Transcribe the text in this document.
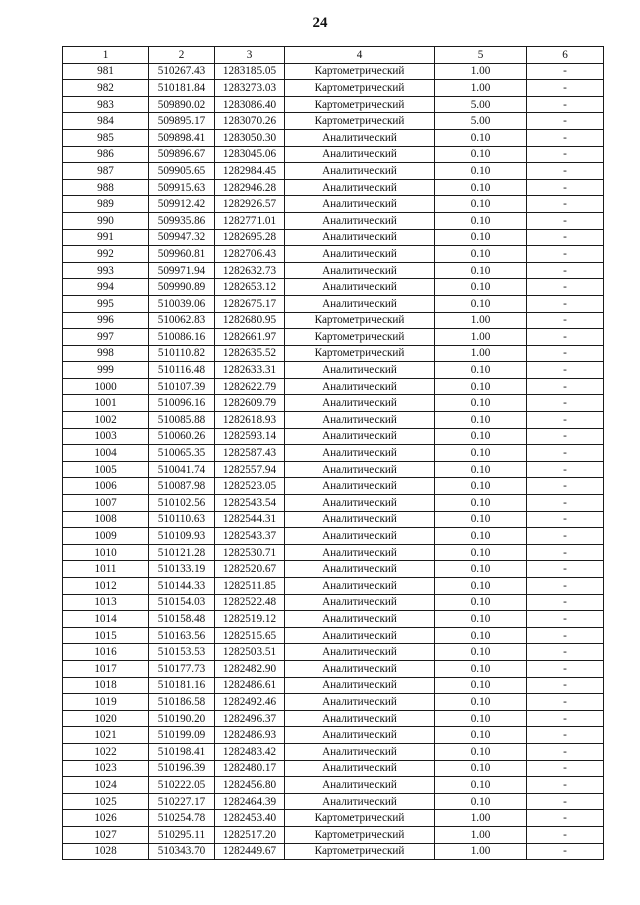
24
1	2	3	4	5	6
981	510267.43	1283185.05	Картометрический	1.00	-
982	510181.84	1283273.03	Картометрический	1.00	-
983	509890.02	1283086.40	Картометрический	5.00	-
984	509895.17	1283070.26	Картометрический	5.00	-
985	509898.41	1283050.30	Аналитический	0.10	-
986	509896.67	1283045.06	Аналитический	0.10	-
987	509905.65	1282984.45	Аналитический	0.10	-
988	509915.63	1282946.28	Аналитический	0.10	-
989	509912.42	1282926.57	Аналитический	0.10	-
990	509935.86	1282771.01	Аналитический	0.10	-
991	509947.32	1282695.28	Аналитический	0.10	-
992	509960.81	1282706.43	Аналитический	0.10	-
993	509971.94	1282632.73	Аналитический	0.10	-
994	509990.89	1282653.12	Аналитический	0.10	-
995	510039.06	1282675.17	Аналитический	0.10	-
996	510062.83	1282680.95	Картометрический	1.00	-
997	510086.16	1282661.97	Картометрический	1.00	-
998	510110.82	1282635.52	Картометрический	1.00	-
999	510116.48	1282633.31	Аналитический	0.10	-
1000	510107.39	1282622.79	Аналитический	0.10	-
1001	510096.16	1282609.79	Аналитический	0.10	-
1002	510085.88	1282618.93	Аналитический	0.10	-
1003	510060.26	1282593.14	Аналитический	0.10	-
1004	510065.35	1282587.43	Аналитический	0.10	-
1005	510041.74	1282557.94	Аналитический	0.10	-
1006	510087.98	1282523.05	Аналитический	0.10	-
1007	510102.56	1282543.54	Аналитический	0.10	-
1008	510110.63	1282544.31	Аналитический	0.10	-
1009	510109.93	1282543.37	Аналитический	0.10	-
1010	510121.28	1282530.71	Аналитический	0.10	-
1011	510133.19	1282520.67	Аналитический	0.10	-
1012	510144.33	1282511.85	Аналитический	0.10	-
1013	510154.03	1282522.48	Аналитический	0.10	-
1014	510158.48	1282519.12	Аналитический	0.10	-
1015	510163.56	1282515.65	Аналитический	0.10	-
1016	510153.53	1282503.51	Аналитический	0.10	-
1017	510177.73	1282482.90	Аналитический	0.10	-
1018	510181.16	1282486.61	Аналитический	0.10	-
1019	510186.58	1282492.46	Аналитический	0.10	-
1020	510190.20	1282496.37	Аналитический	0.10	-
1021	510199.09	1282486.93	Аналитический	0.10	-
1022	510198.41	1282483.42	Аналитический	0.10	-
1023	510196.39	1282480.17	Аналитический	0.10	-
1024	510222.05	1282456.80	Аналитический	0.10	-
1025	510227.17	1282464.39	Аналитический	0.10	-
1026	510254.78	1282453.40	Картометрический	1.00	-
1027	510295.11	1282517.20	Картометрический	1.00	-
1028	510343.70	1282449.67	Картометрический	1.00	-
